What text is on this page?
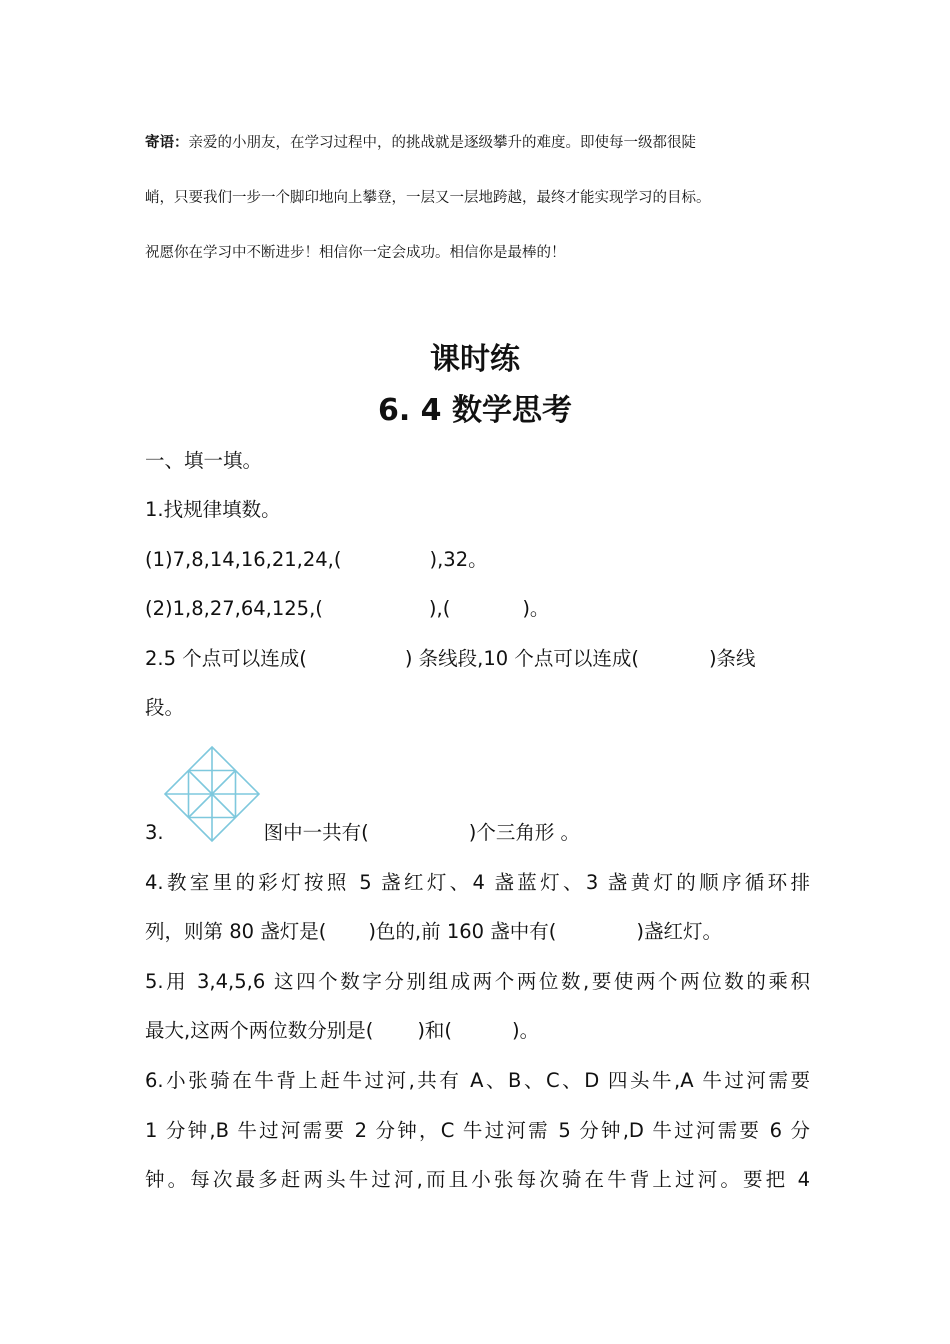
寄语：亲爱的小朋友，在学习过程中，的挑战就是逐级攀升的难度。即使每一级都很陡
峭，只要我们一步一个脚印地向上攀登，一层又一层地跨越，最终才能实现学习的目标。
祝愿你在学习中不断进步！相信你一定会成功。相信你是最棒的！
课时练
6. 4 数学思考
一、填一填。
1.找规律填数。
(1)7,8,14,16,21,24,(	),32。
(2)1,8,27,64,125,(	),(	)。
2.5 个点可以连成(	) 条线段,10 个点可以连成(	)条线
段。
3.	图中一共有(	)个三角形 。
4.教室里的彩灯按照 5 盏红灯、4 盏蓝灯、3 盏黄灯的顺序循环排
列，则第 80 盏灯是( )色的,前 160 盏中有(	)盏红灯。
5.用 3,4,5,6 这四个数字分别组成两个两位数,要使两个两位数的乘积
最大,这两个两位数分别是( )和(	)。
6.小张骑在牛背上赶牛过河,共有 A、B、C、D 四头牛,A 牛过河需要
1 分钟,B 牛过河需要 2 分钟，C 牛过河需 5 分钟,D 牛过河需要 6 分
钟。每次最多赶两头牛过河,而且小张每次骑在牛背上过河。要把 4
